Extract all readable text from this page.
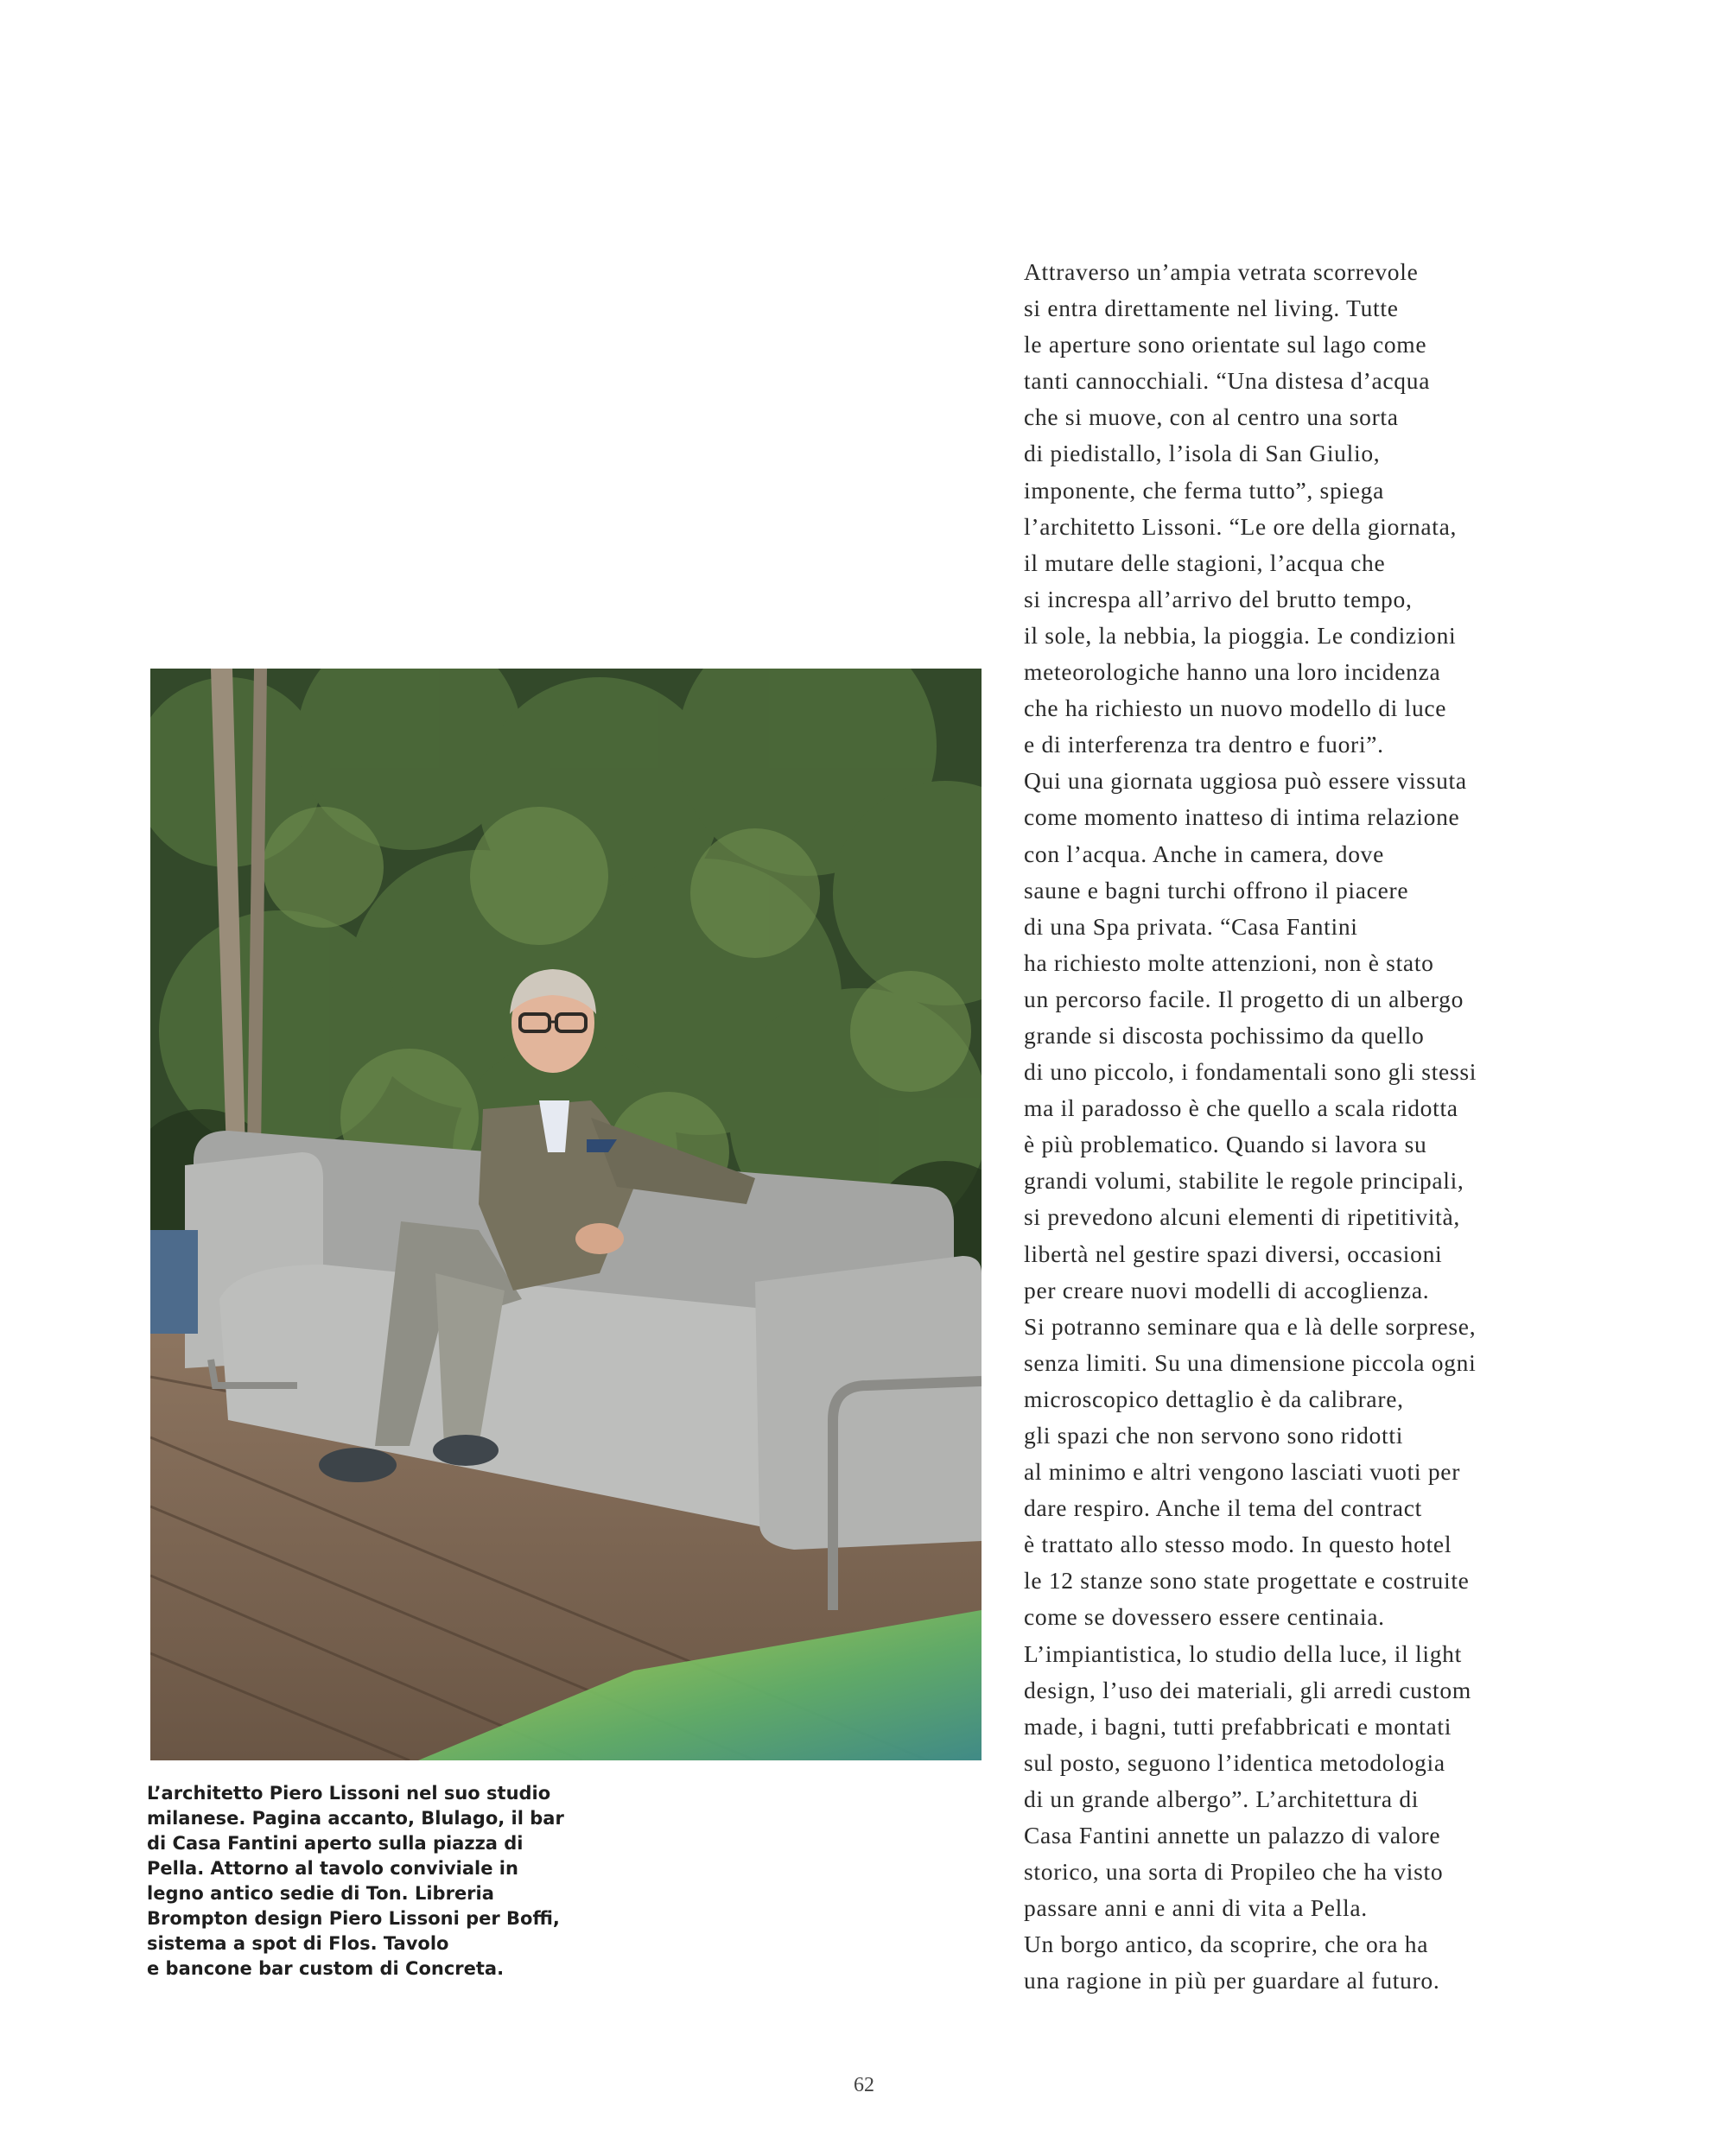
L’architetto Piero Lissoni nel suo studio
milanese. Pagina accanto, Blulago, il bar
di Casa Fantini aperto sulla piazza di
Pella. Attorno al tavolo conviviale in
legno antico sedie di Ton. Libreria
Brompton design Piero Lissoni per Boffi,
sistema a spot di Flos. Tavolo
e bancone bar custom di Concreta.

Attraverso un’ampia vetrata scorrevole
si entra direttamente nel living. Tutte
le aperture sono orientate sul lago come
tanti cannocchiali. “Una distesa d’acqua
che si muove, con al centro una sorta
di piedistallo, l’isola di San Giulio,
imponente, che ferma tutto”, spiega
l’architetto Lissoni. “Le ore della giornata,
il mutare delle stagioni, l’acqua che
si increspa all’arrivo del brutto tempo,
il sole, la nebbia, la pioggia. Le condizioni
meteorologiche hanno una loro incidenza
che ha richiesto un nuovo modello di luce
e di interferenza tra dentro e fuori”.
Qui una giornata uggiosa può essere vissuta
come momento inatteso di intima relazione
con l’acqua. Anche in camera, dove
saune e bagni turchi offrono il piacere
di una Spa privata. “Casa Fantini
ha richiesto molte attenzioni, non è stato
un percorso facile. Il progetto di un albergo
grande si discosta pochissimo da quello
di uno piccolo, i fondamentali sono gli stessi
ma il paradosso è che quello a scala ridotta
è più problematico. Quando si lavora su
grandi volumi, stabilite le regole principali,
si prevedono alcuni elementi di ripetitività,
libertà nel gestire spazi diversi, occasioni
per creare nuovi modelli di accoglienza.
Si potranno seminare qua e là delle sorprese,
senza limiti. Su una dimensione piccola ogni
microscopico dettaglio è da calibrare,
gli spazi che non servono sono ridotti
al minimo e altri vengono lasciati vuoti per
dare respiro. Anche il tema del contract
è trattato allo stesso modo. In questo hotel
le 12 stanze sono state progettate e costruite
come se dovessero essere centinaia.
L’impiantistica, lo studio della luce, il light
design, l’uso dei materiali, gli arredi custom
made, i bagni, tutti prefabbricati e montati
sul posto, seguono l’identica metodologia
di un grande albergo”. L’architettura di
Casa Fantini annette un palazzo di valore
storico, una sorta di Propileo che ha visto
passare anni e anni di vita a Pella.
Un borgo antico, da scoprire, che ora ha
una ragione in più per guardare al futuro.

62
